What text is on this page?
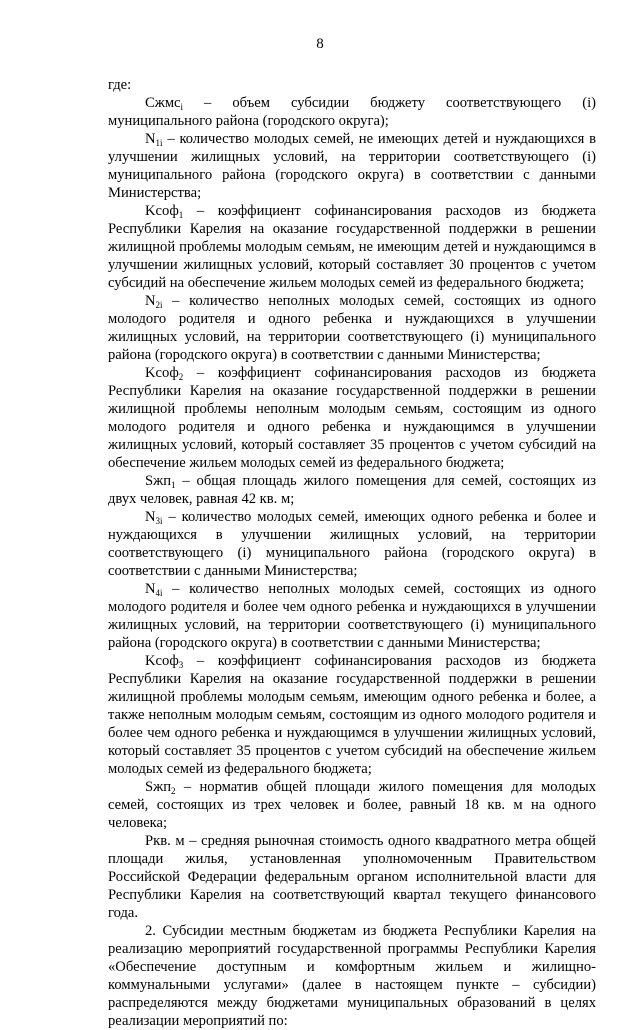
8

где:

Cжмс$_i$ – объем субсидии бюджету соответствующего (i) муниципального района (городского округа);

$N_{1i}$ – количество молодых семей, не имеющих детей и нуждающихся в улучшении жилищных условий, на территории соответствующего (i) муниципального района (городского округа) в соответствии с данными Министерства;

Kсоф$_1$ – коэффициент софинансирования расходов из бюджета Республики Карелия на оказание государственной поддержки в решении жилищной проблемы молодым семьям, не имеющим детей и нуждающимся в улучшении жилищных условий, который составляет 30 процентов с учетом субсидий на обеспечение жильем молодых семей из федерального бюджета;

$N_{2i}$ – количество неполных молодых семей, состоящих из одного молодого родителя и одного ребенка и нуждающихся в улучшении жилищных условий, на территории соответствующего (i) муниципального района (городского округа) в соответствии с данными Министерства;

Kсоф$_2$ – коэффициент софинансирования расходов из бюджета Республики Карелия на оказание государственной поддержки в решении жилищной проблемы неполным молодым семьям, состоящим из одного молодого родителя и одного ребенка и нуждающимся в улучшении жилищных условий, который составляет 35 процентов с учетом субсидий на обеспечение жильем молодых семей из федерального бюджета;

Sжп$_1$ – общая площадь жилого помещения для семей, состоящих из двух человек, равная 42 кв. м;

$N_{3i}$ – количество молодых семей, имеющих одного ребенка и более и нуждающихся в улучшении жилищных условий, на территории соответствующего (i) муниципального района (городского округа) в соответствии с данными Министерства;

$N_{4i}$ – количество неполных молодых семей, состоящих из одного молодого родителя и более чем одного ребенка и нуждающихся в улучшении жилищных условий, на территории соответствующего (i) муниципального района (городского округа) в соответствии с данными Министерства;

Kсоф$_3$ – коэффициент софинансирования расходов из бюджета Республики Карелия на оказание государственной поддержки в решении жилищной проблемы молодым семьям, имеющим одного ребенка и более, а также неполным молодым семьям, состоящим из одного молодого родителя и более чем одного ребенка и нуждающимся в улучшении жилищных условий, который составляет 35 процентов с учетом субсидий на обеспечение жильем молодых семей из федерального бюджета;

Sжп$_2$ – норматив общей площади жилого помещения для молодых семей, состоящих из трех человек и более, равный 18 кв. м на одного человека;

Ркв. м – средняя рыночная стоимость одного квадратного метра общей площади жилья, установленная уполномоченным Правительством Российской Федерации федеральным органом исполнительной власти для Республики Карелия на соответствующий квартал текущего финансового года.

2. Субсидии местным бюджетам из бюджета Республики Карелия на реализацию мероприятий государственной программы Республики Карелия «Обеспечение доступным и комфортным жильем и жилищно-коммунальными услугами» (далее в настоящем пункте – субсидии) распределяются между бюджетами муниципальных образований в целях реализации мероприятий по:
